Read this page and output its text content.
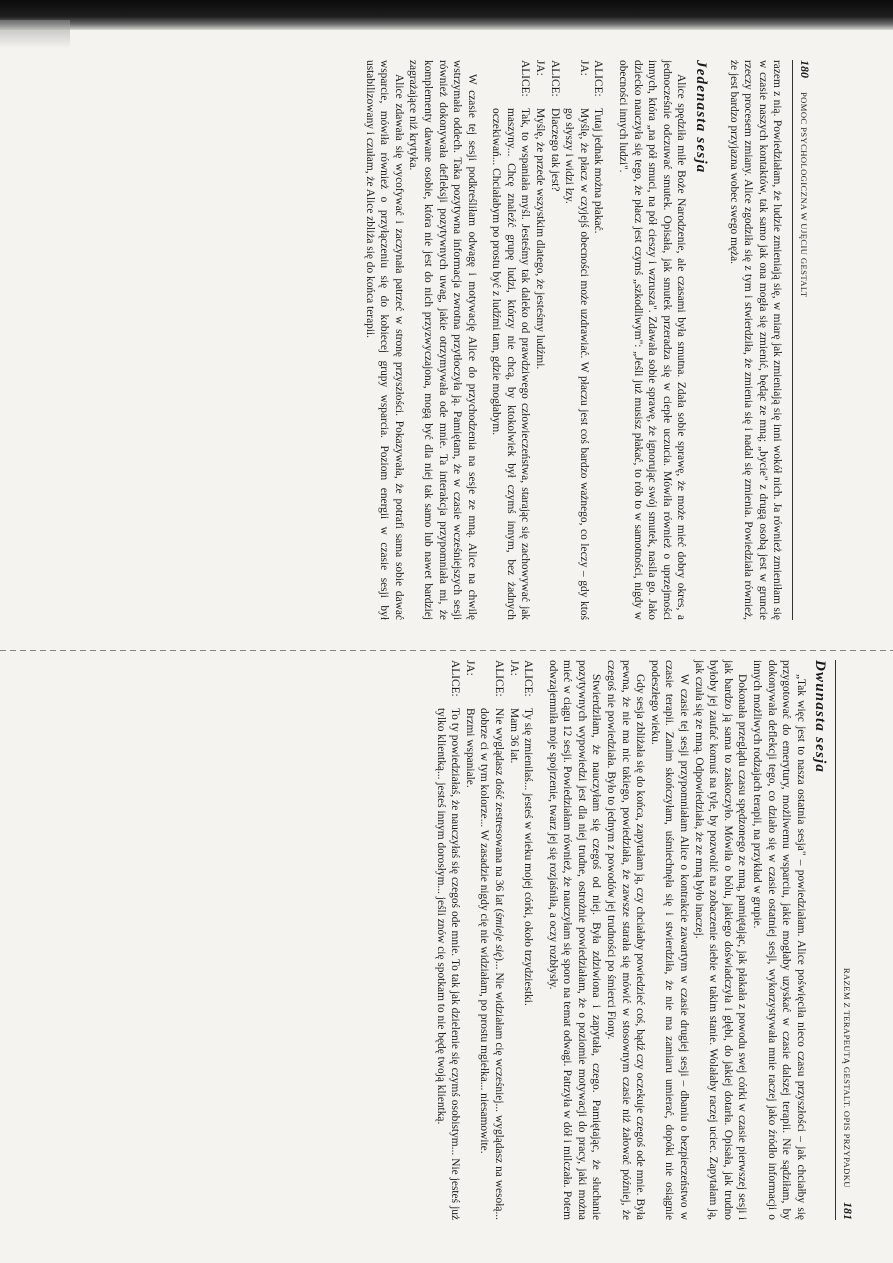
180
POMOC PSYCHOLOGICZNA W UJĘCIU GESTALT

razem z nią. Powiedziałam, że ludzie zmieniają się, w miarę jak zmieniają się inni wokół nich. Ja również zmieniłam się w czasie naszych kontaktów, tak samo jak ona mogła się zmienić, będąc ze mną; „bycie" z drugą osobą jest w gruncie rzeczy procesem zmiany. Alice zgodziła się z tym i stwierdziła, że zmienia się i nadal się zmienia. Powiedziała również, że jest bardzo przyjazna wobec swego męża.

Jedenasta sesja

Alice spędziła miłe Boże Narodzenie, ale czasami była smutna. Zdała sobie sprawę, że może mieć dobry okres, a jednocześnie odczuwać smutek. Opisała, jak smutek przeradza się w ciepłe uczucia. Mówiła również o uprzejmości innych, która „na pół smuci, na pół cieszy i wzrusza". Zdawała sobie sprawę, że ignorując swój smutek, nasila go. Jako dziecko nauczyła się tego, że płacz jest czymś „szkodliwym": „Jeśli już musisz płakać, to rób to w samotności, nigdy w obecności innych ludzi".

ALICE:
Tutaj jednak można płakać.
JA:
Myślę, że płacz w czyjejś obecności może uzdrawiać. W płaczu jest coś bardzo ważnego, co leczy – gdy ktoś go słyszy i widzi łzy.
ALICE:
Dlaczego tak jest?
JA:
Myślę, że przede wszystkim dlatego, że jesteśmy ludźmi.
ALICE:
Tak, to wspaniała myśl. Jesteśmy tak daleko od prawdziwego człowieczeństwa, starając się zachowywać jak maszyny... Chcę znaleźć grupę ludzi, którzy nie chcą, by ktokolwiek był czymś innym, bez żadnych oczekiwań... Chciałabym po prostu być z ludźmi tam, gdzie mogłabym.

W czasie tej sesji podkreśliłam odwagę i motywację Alice do przychodzenia na sesje ze mną. Alice na chwilę wstrzymała oddech. Taka pozytywna informacja zwrotna przytłoczyła ją. Pamiętam, że w czasie wcześniejszych sesji również dokonywała defleksji pozytywnych uwag, jakie otrzymywała ode mnie. Ta interakcja przypomniała mi, że komplementy dawane osobie, która nie jest do nich przyzwyczajona, mogą być dla niej tak samo lub nawet bardziej zagrażające niż krytyka.

Alice zdawała się wycofywać i zaczynała patrzeć w stronę przyszłości. Pokazywała, że potrafi sama sobie dawać wsparcie, mówiła również o przyłączeniu się do kobiecej grupy wsparcia. Poziom energii w czasie sesji był ustabilizowany i czułam, że Alice zbliża się do końca terapii.

RAZEM Z TERAPEUTĄ GESTALT. OPIS PRZYPADKU
181
Dwunasta sesja

„Tak więc jest to nasza ostatnia sesja" – powiedziałam. Alice poświęciła nieco czasu przyszłości – jak chciałby się przygotować do emerytury, możliwemu wsparciu, jakie mogłaby uzyskać w czasie dalszej terapii. Nie sądziłam, by dokonywała deflekcji tego, co działo się w czasie ostatniej sesji, wykorzystywała mnie raczej jako źródło informacji o innych możliwych rodzajach terapii, na przykład w grupie.

Dokonała przeglądu czasu spędzonego ze mną, pamiętając, jak płakała z powodu swej córki w czasie pierwszej sesji i jak bardzo ją sama to zaskoczyło. Mówiła o bólu, jakiego doświadczyła i głębi, do jakiej dotarła. Opisała, jak trudno byłoby jej zaufać komuś na tyle, by pozwolić na zobaczenie siebie w takim stanie. Wolałaby raczej uciec. Zapytałam ją, jak czuła się ze mną. Odpowiedziała, że ze mną było inaczej.

W czasie tej sesji przypomniałam Alice o kontrakcie zawartym w czasie drugiej sesji – dbaniu o bezpieczeństwo w czasie terapii. Zanim skończyłam, uśmiechnęła się i stwierdziła, że nie ma zamiaru umierać, dopóki nie osiągnie podeszłego wieku.

Gdy sesja zbliżała się do końca, zapytałam ją, czy chciałaby powiedzieć coś, bądź czy oczekuje czegoś ode mnie. Była pewna, że nie ma nic takiego, powiedziała, że zawsze starała się mówić w stosownym czasie niż żałować później, że czegoś nie powiedziała. Było to jednym z powodów jej trudności po śmierci Fiony.

Stwierdziłam, że nauczyłam się czegoś od niej. Była zdziwiona i zapytała, czego. Pamiętając, że słuchanie pozytywnych wypowiedzi jest dla niej trudne, ostrożnie powiedziałam, że o poziomie motywacji do pracy, jaki można mieć w ciągu 12 sesji. Powiedziałam również, że nauczyłam się sporo na temat odwagi. Patrzyła w dół i milczała. Potem odwzajemniła moje spojrzenie, twarz jej się rozjaśniła, a oczy rozbłysły.

ALICE:
Ty się zmieniłaś... jesteś w wieku mojej córki, około trzydziestki.
JA:
Mam 36 lat.
ALICE:
Nie wyglądasz dość zestresowana na 36 lat (śmieje się)... Nie widziałam cię wcześniej... wyglądasz na wesołą... dobrze ci w tym kolorze... W zasadzie nigdy cię nie widziałam, po prostu mgiełka... niesamowite.
JA:
Brzmi wspaniale.
ALICE:
To ty powiedziałaś, że nauczyłaś się czegoś ode mnie. To tak jak dzielenie się czymś osobistym... Nie jesteś już tylko klientką... jesteś innym dorosłym... jeśli znów cię spotkam to nie będę twoją klientką.
